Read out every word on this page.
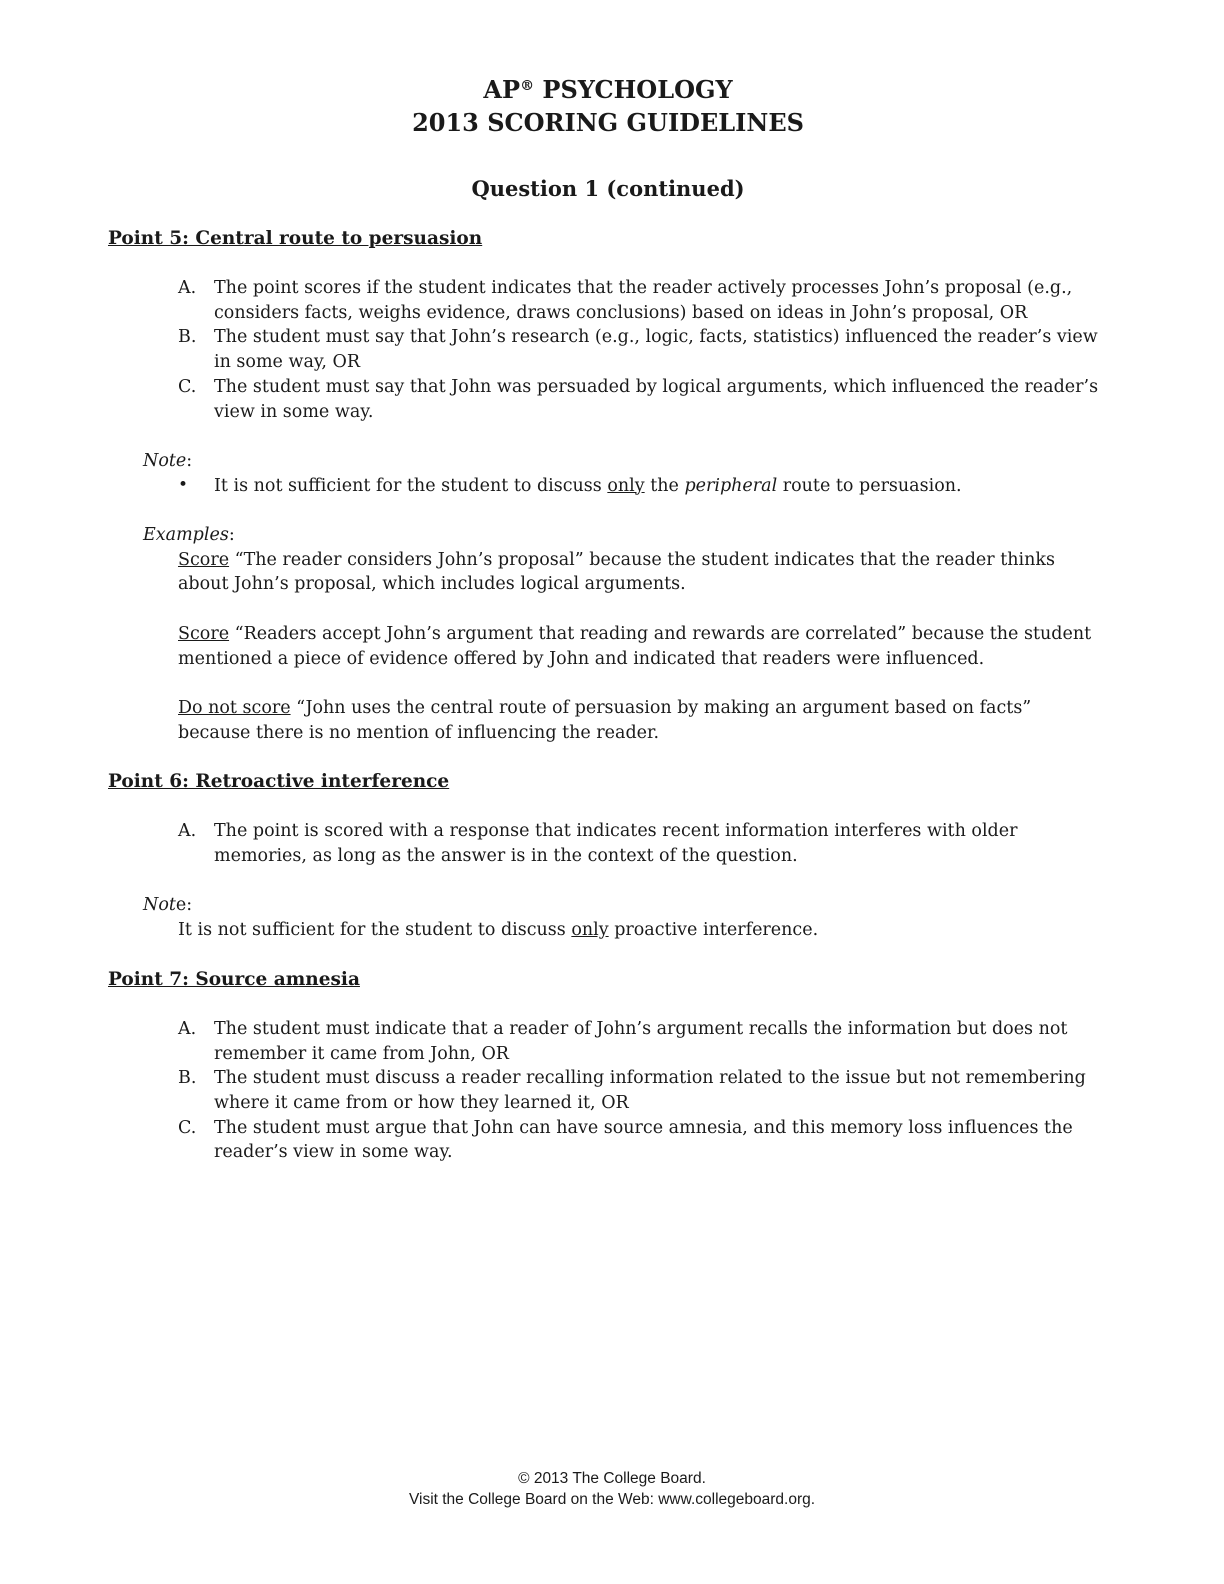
AP® PSYCHOLOGY
2013 SCORING GUIDELINES
Question 1 (continued)
Point 5: Central route to persuasion
A. The point scores if the student indicates that the reader actively processes John’s proposal (e.g., considers facts, weighs evidence, draws conclusions) based on ideas in John’s proposal, OR
B. The student must say that John’s research (e.g., logic, facts, statistics) influenced the reader’s view in some way, OR
C. The student must say that John was persuaded by logical arguments, which influenced the reader’s view in some way.
Note:
• It is not sufficient for the student to discuss only the peripheral route to persuasion.
Examples:
Score “The reader considers John’s proposal” because the student indicates that the reader thinks about John’s proposal, which includes logical arguments.
Score “Readers accept John’s argument that reading and rewards are correlated” because the student mentioned a piece of evidence offered by John and indicated that readers were influenced.
Do not score “John uses the central route of persuasion by making an argument based on facts” because there is no mention of influencing the reader.
Point 6: Retroactive interference
A. The point is scored with a response that indicates recent information interferes with older memories, as long as the answer is in the context of the question.
Note:
It is not sufficient for the student to discuss only proactive interference.
Point 7: Source amnesia
A. The student must indicate that a reader of John’s argument recalls the information but does not remember it came from John, OR
B. The student must discuss a reader recalling information related to the issue but not remembering where it came from or how they learned it, OR
C. The student must argue that John can have source amnesia, and this memory loss influences the reader’s view in some way.
© 2013 The College Board.
Visit the College Board on the Web: www.collegeboard.org.
